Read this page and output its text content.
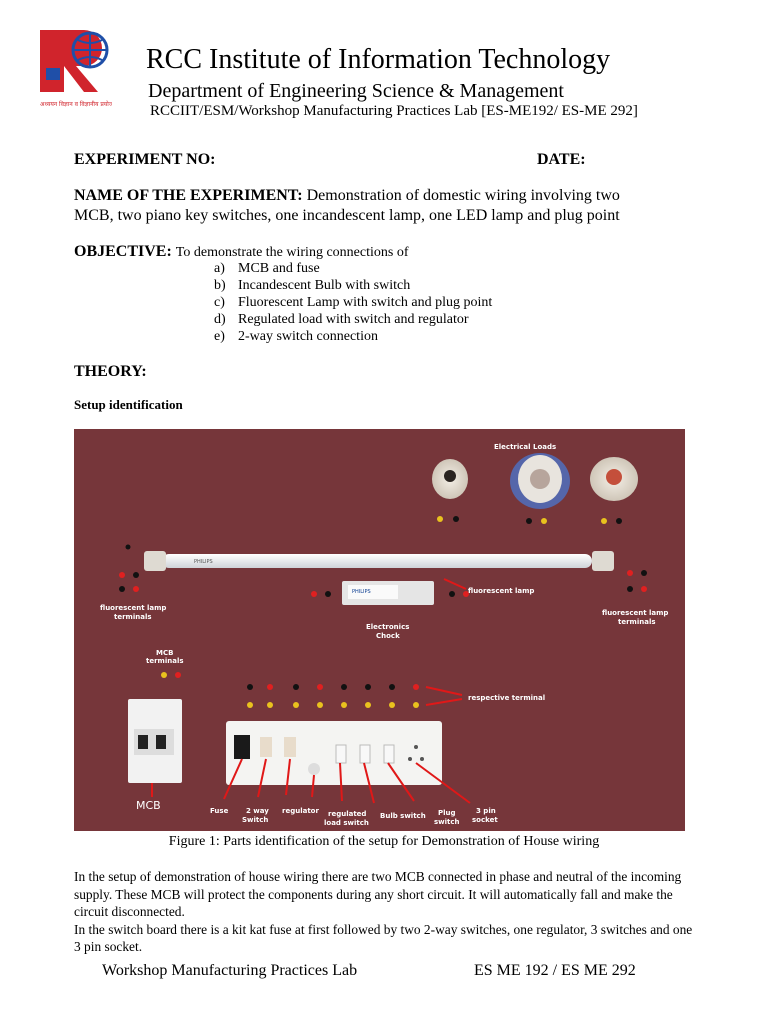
अध्ययन विज्ञान व विज्ञानीय प्रयोजन
RCC Institute of Information Technology
Department of Engineering Science & Management
RCCIIT/ESM/Workshop Manufacturing Practices Lab [ES-ME192/ ES-ME 292]
EXPERIMENT NO:	DATE:
NAME OF THE EXPERIMENT: Demonstration of domestic wiring involving two
MCB, two piano key switches, one incandescent lamp, one LED lamp and plug point
OBJECTIVE: To demonstrate the wiring connections of
a) MCB and fuse
b) Incandescent Bulb with switch
c) Fluorescent Lamp with switch and plug point
d) Regulated load with switch and regulator
e) 2-way switch connection
THEORY:
Setup identification
Electrical Loads
PHILIPS
fluorescent lamp
terminals	fluorescent lamp
terminals
PHILIPS
Electronics
Chock
fluorescent lamp
MCB
terminals
respective terminal
MCB	Fuse	2 way
Switch
regulator regulated
load switch
Bulb switch Plug
switch
3 pin
socket
Figure 1: Parts identification of the setup for Demonstration of House wiring

In the setup of demonstration of house wiring there are two MCB connected in phase and neutral of the incoming supply. These MCB will protect the components during any short circuit. It will automatically fall and make the circuit disconnected.

In the switch board there is a kit kat fuse at first followed by two 2-way switches, one regulator, 3 switches and one 3 pin socket.

Workshop Manufacturing Practices Lab	ES ME 192 / ES ME 292
